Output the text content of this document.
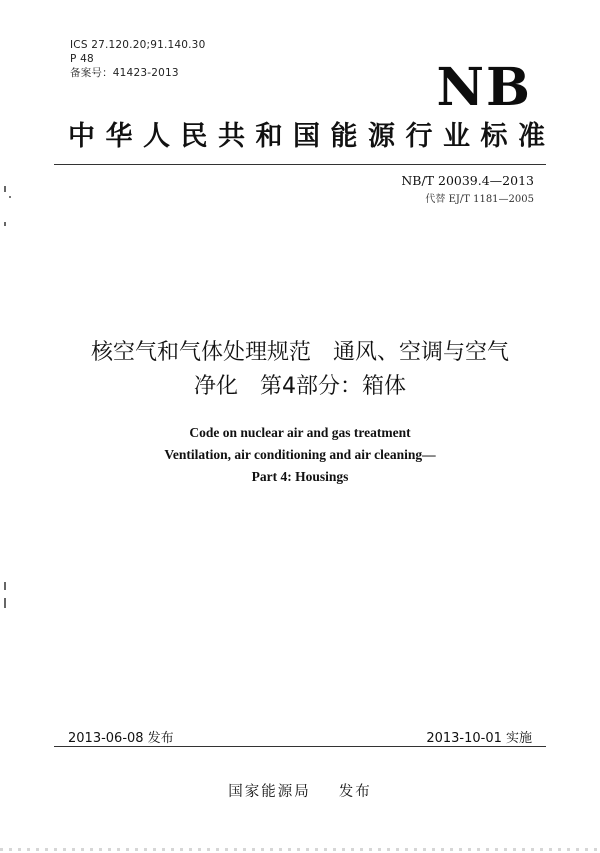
ICS 27.120.20;91.140.30
P 48
备案号：41423-2013	NB
中华人民共和国能源行业标准
NB/T 20039.4—2013
代替 EJ/T 1181—2005
核空气和气体处理规范　通风、空调与空气
净化　第4部分：箱体
Code on nuclear air and gas treatment
Ventilation, air conditioning and air cleaning—
Part 4: Housings
2013-06-08 发布	2013-10-01 实施
国家能源局 发布
